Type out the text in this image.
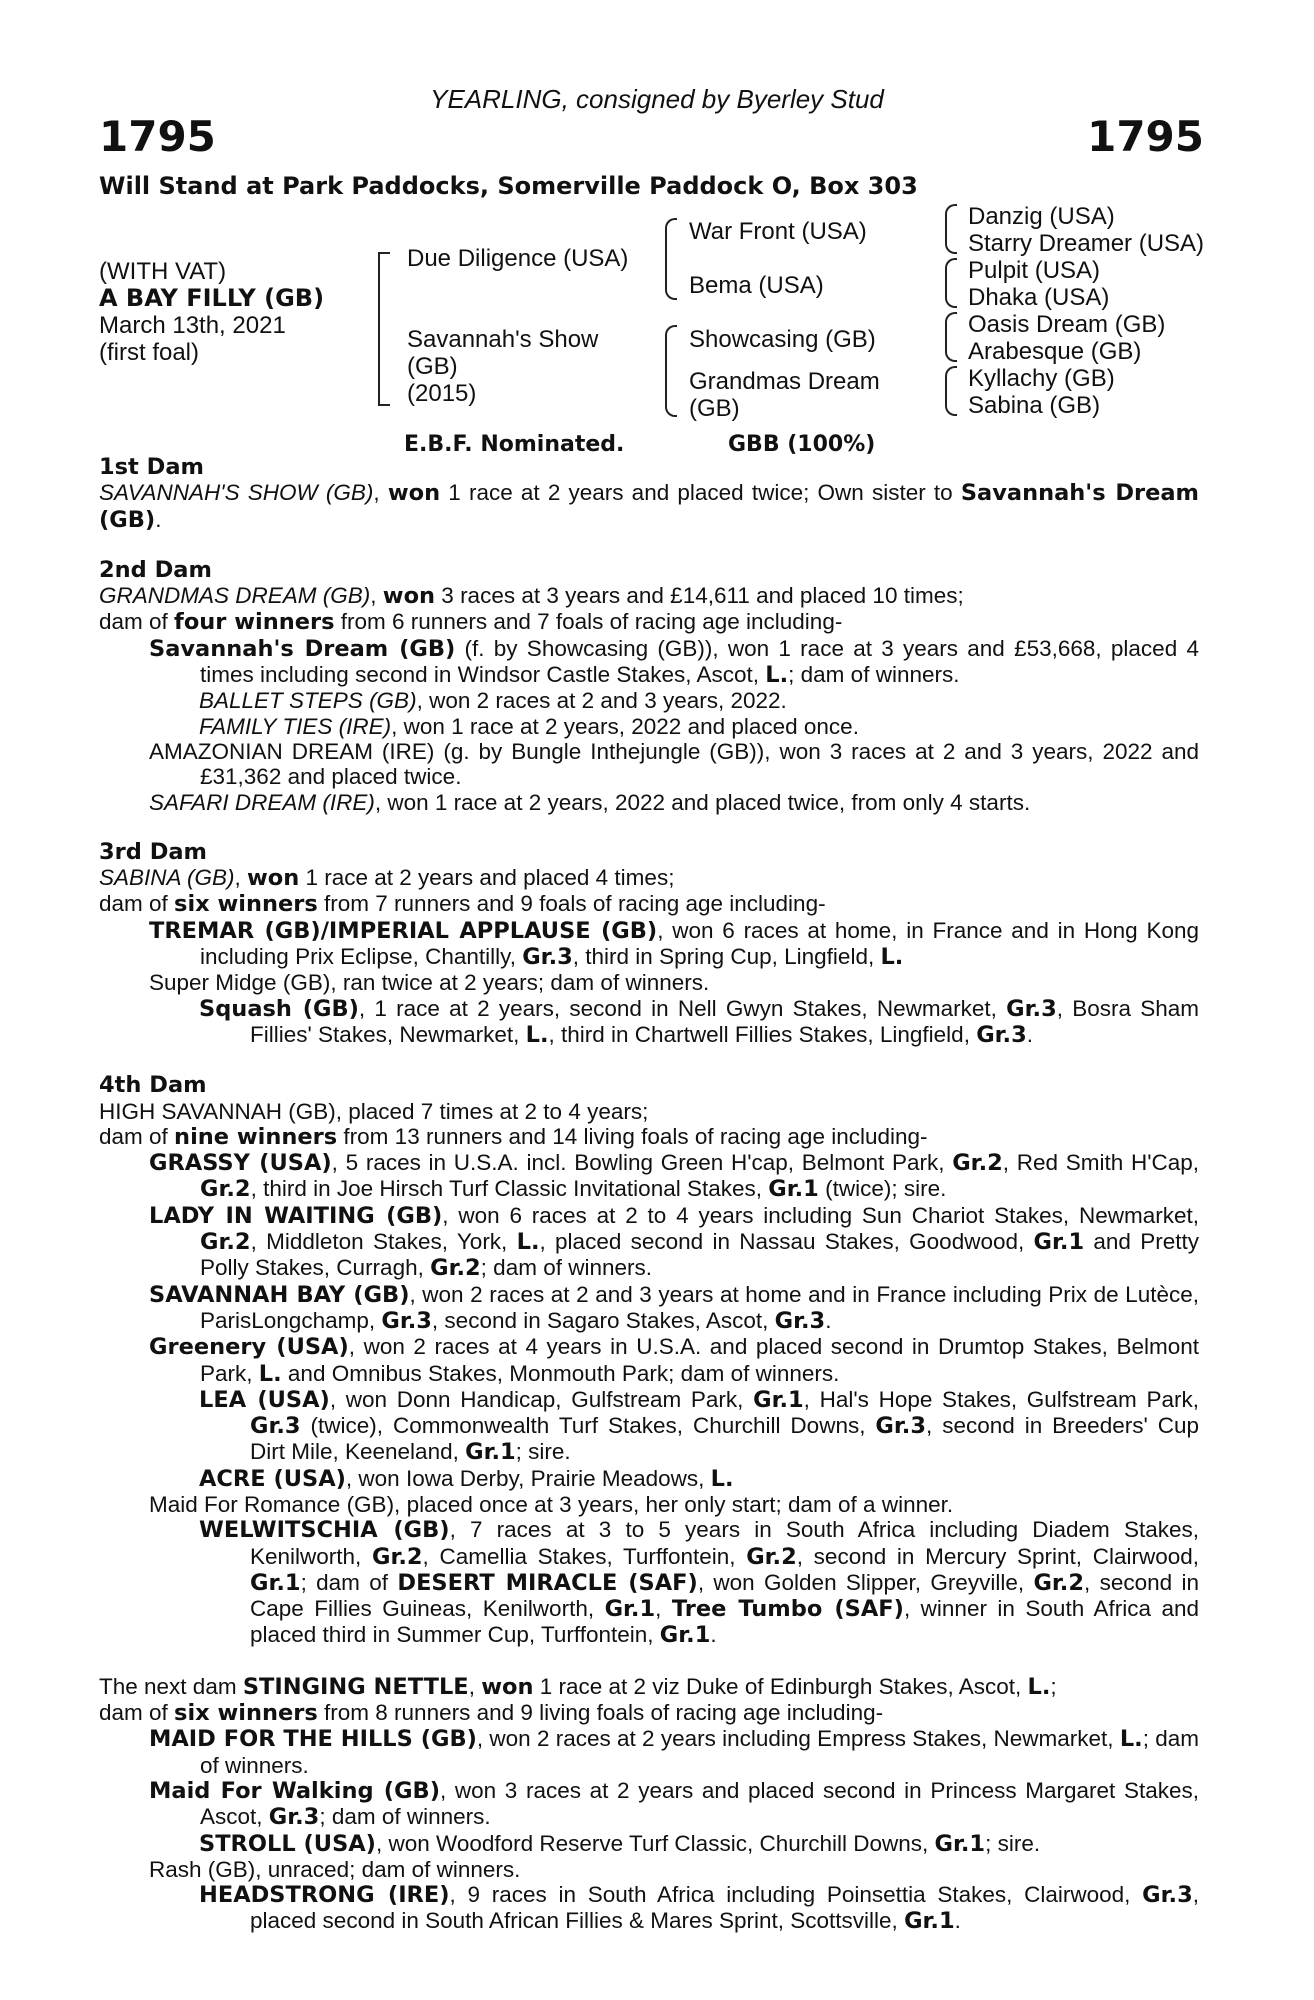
YEARLING, consigned by Byerley Stud
1795	1795
Will Stand at Park Paddocks, Somerville Paddock O, Box 303
(WITH VAT)
A BAY FILLY (GB)
March 13th, 2021
(first foal)
Due Diligence (USA)
Savannah's Show
(GB)
(2015)
War Front (USA)
Bema (USA)
Showcasing (GB)
Grandmas Dream
(GB)
Danzig (USA)
Starry Dreamer (USA)
Pulpit (USA)
Dhaka (USA)
Oasis Dream (GB)
Arabesque (GB)
Kyllachy (GB)
Sabina (GB)
E.B.F. Nominated.	GBB (100%)

1st Dam

SAVANNAH'S SHOW (GB), won 1 race at 2 years and placed twice; Own sister to Savannah's Dream (GB).

2nd Dam

GRANDMAS DREAM (GB), won 3 races at 3 years and £14,611 and placed 10 times;

dam of four winners from 6 runners and 7 foals of racing age including-

Savannah's Dream (GB) (f. by Showcasing (GB)), won 1 race at 3 years and £53,668, placed 4 times including second in Windsor Castle Stakes, Ascot, L.; dam of winners.

BALLET STEPS (GB), won 2 races at 2 and 3 years, 2022.

FAMILY TIES (IRE), won 1 race at 2 years, 2022 and placed once.

AMAZONIAN DREAM (IRE) (g. by Bungle Inthejungle (GB)), won 3 races at 2 and 3 years, 2022 and £31,362 and placed twice.

SAFARI DREAM (IRE), won 1 race at 2 years, 2022 and placed twice, from only 4 starts.

3rd Dam

SABINA (GB), won 1 race at 2 years and placed 4 times;

dam of six winners from 7 runners and 9 foals of racing age including-

TREMAR (GB)/IMPERIAL APPLAUSE (GB), won 6 races at home, in France and in Hong Kong including Prix Eclipse, Chantilly, Gr.3, third in Spring Cup, Lingfield, L.

Super Midge (GB), ran twice at 2 years; dam of winners.

Squash (GB), 1 race at 2 years, second in Nell Gwyn Stakes, Newmarket, Gr.3, Bosra Sham Fillies' Stakes, Newmarket, L., third in Chartwell Fillies Stakes, Lingfield, Gr.3.

4th Dam

HIGH SAVANNAH (GB), placed 7 times at 2 to 4 years;

dam of nine winners from 13 runners and 14 living foals of racing age including-

GRASSY (USA), 5 races in U.S.A. incl. Bowling Green H'cap, Belmont Park, Gr.2, Red Smith H'Cap, Gr.2, third in Joe Hirsch Turf Classic Invitational Stakes, Gr.1 (twice); sire.

LADY IN WAITING (GB), won 6 races at 2 to 4 years including Sun Chariot Stakes, Newmarket, Gr.2, Middleton Stakes, York, L., placed second in Nassau Stakes, Goodwood, Gr.1 and Pretty Polly Stakes, Curragh, Gr.2; dam of winners.

SAVANNAH BAY (GB), won 2 races at 2 and 3 years at home and in France including Prix de Lutèce, ParisLongchamp, Gr.3, second in Sagaro Stakes, Ascot, Gr.3.

Greenery (USA), won 2 races at 4 years in U.S.A. and placed second in Drumtop Stakes, Belmont Park, L. and Omnibus Stakes, Monmouth Park; dam of winners.

LEA (USA), won Donn Handicap, Gulfstream Park, Gr.1, Hal's Hope Stakes, Gulfstream Park, Gr.3 (twice), Commonwealth Turf Stakes, Churchill Downs, Gr.3, second in Breeders' Cup Dirt Mile, Keeneland, Gr.1; sire.

ACRE (USA), won Iowa Derby, Prairie Meadows, L.

Maid For Romance (GB), placed once at 3 years, her only start; dam of a winner.

WELWITSCHIA (GB), 7 races at 3 to 5 years in South Africa including Diadem Stakes, Kenilworth, Gr.2, Camellia Stakes, Turffontein, Gr.2, second in Mercury Sprint, Clairwood, Gr.1; dam of DESERT MIRACLE (SAF), won Golden Slipper, Greyville, Gr.2, second in Cape Fillies Guineas, Kenilworth, Gr.1, Tree Tumbo (SAF), winner in South Africa and placed third in Summer Cup, Turffontein, Gr.1.

The next dam STINGING NETTLE, won 1 race at 2 viz Duke of Edinburgh Stakes, Ascot, L.;

dam of six winners from 8 runners and 9 living foals of racing age including-

MAID FOR THE HILLS (GB), won 2 races at 2 years including Empress Stakes, Newmarket, L.; dam of winners.

Maid For Walking (GB), won 3 races at 2 years and placed second in Princess Margaret Stakes, Ascot, Gr.3; dam of winners.

STROLL (USA), won Woodford Reserve Turf Classic, Churchill Downs, Gr.1; sire.

Rash (GB), unraced; dam of winners.

HEADSTRONG (IRE), 9 races in South Africa including Poinsettia Stakes, Clairwood, Gr.3, placed second in South African Fillies & Mares Sprint, Scottsville, Gr.1.
